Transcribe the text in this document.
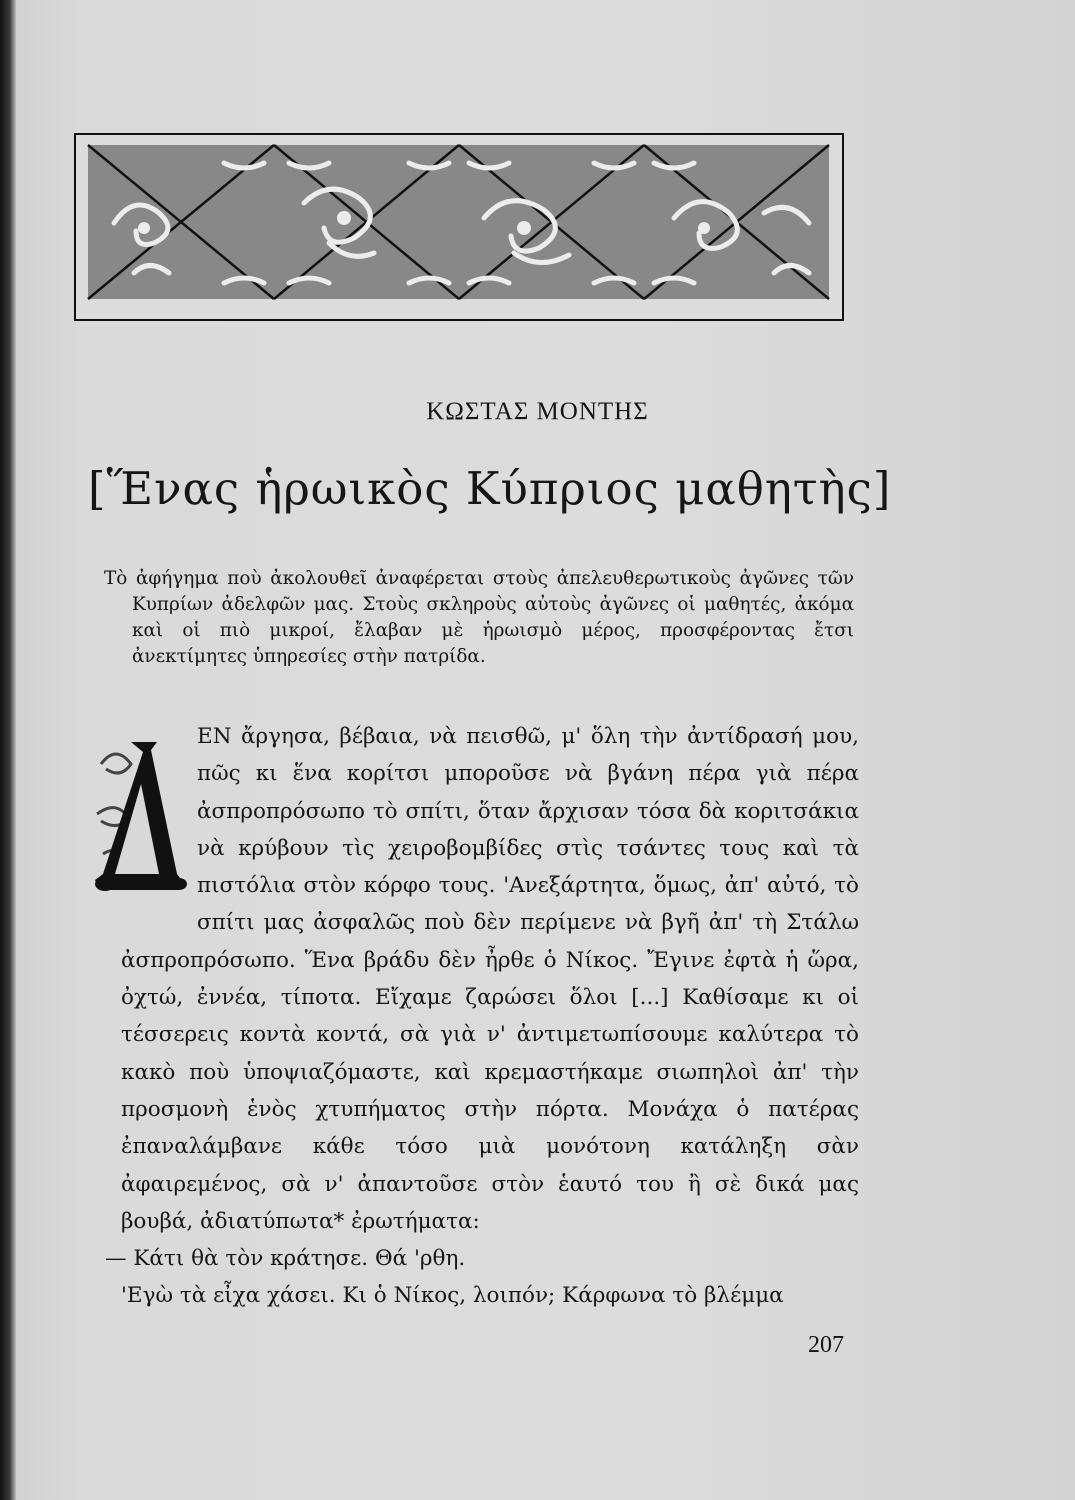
ΚΩΣΤΑΣ ΜΟΝΤΗΣ
[Ἕνας ἡρωικὸς Κύπριος μαθητὴς]

Τὸ ἀφήγημα ποὺ ἀκολουθεῖ ἀναφέρεται στοὺς ἀπελευθερωτικοὺς ἀγῶνες τῶν Κυπρίων ἀδελφῶν μας. Στοὺς σκληροὺς αὐτοὺς ἀγῶνες οἱ μαθητές, ἀκόμα καὶ οἱ πιὸ μικροί, ἔλαβαν μὲ ἡρωισμὸ μέρος, προσφέροντας ἔτσι ἀνεκτίμητες ὑπηρεσίες στὴν πατρίδα.

ΕΝ ἄργησα, βέβαια, νὰ πεισθῶ, μ' ὅλη τὴν ἀντίδρασή μου, πῶς κι ἕνα κορίτσι μποροῦσε νὰ βγάνη πέρα γιὰ πέρα ἀσπροπρόσωπο τὸ σπίτι, ὅταν ἄρχισαν τόσα δὰ κοριτσάκια νὰ κρύβουν τὶς χειροβομβίδες στὶς τσάντες τους καὶ τὰ πιστόλια στὸν κόρφο τους. 'Ανεξάρτητα, ὅμως, ἀπ' αὐτό, τὸ σπίτι μας ἀσφαλῶς ποὺ δὲν περίμενε νὰ βγῆ ἀπ' τὴ Στάλω ἀσπροπρόσωπο. Ἕνα βράδυ δὲν ἦρθε ὁ Νίκος. Ἔγινε ἐφτὰ ἡ ὥρα, ὀχτώ, ἐννέα, τίποτα. Εἴχαμε ζαρώσει ὅλοι [...] Καθίσαμε κι οἱ τέσσερεις κοντὰ κοντά, σὰ γιὰ ν' ἀντιμετωπίσουμε καλύτερα τὸ κακὸ ποὺ ὑποψιαζόμαστε, καὶ κρεμαστήκαμε σιωπηλοὶ ἀπ' τὴν προσμονὴ ἑνὸς χτυπήματος στὴν πόρτα. Μονάχα ὁ πατέρας ἐπαναλάμβανε κάθε τόσο μιὰ μονότονη κατάληξη σὰν ἀφαιρεμένος, σὰ ν' ἀπαντοῦσε στὸν ἑαυτό του ἢ σὲ δικά μας βουβά, ἀδιατύπωτα* ἐρωτήματα:

— Κάτι θὰ τὸν κράτησε. Θά 'ρθη.

'Εγὼ τὰ εἶχα χάσει. Κι ὁ Νίκος, λοιπόν; Κάρφωνα τὸ βλέμμα

207
